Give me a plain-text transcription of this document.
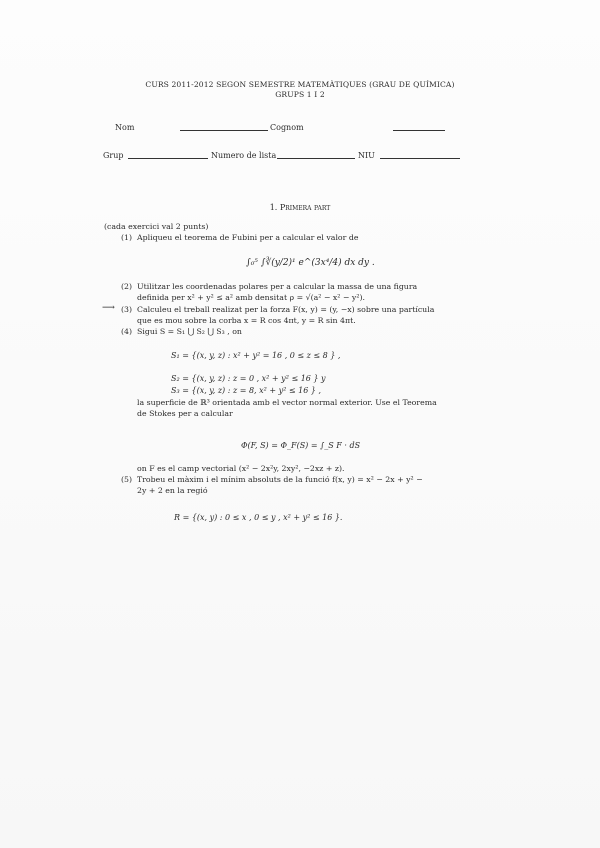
CURS 2011-2012 SEGON SEMESTRE MATEMÀTIQUES (GRAU DE QUÍMICA)
GRUPS 1 I 2
Nom	Cognom
Grup	Numero de lista	NIU
1. Primera part
(cada exercici val 2 punts)
(1) Apliqueu el teorema de Fubini per a calcular el valor de
∫₀⁵ ∫∛(y/2)¹ e^(3x⁴/4) dx dy .
(2) Utilitzar les coordenadas polares per a calcular la massa de una figura
definida per x² + y² ≤ a² amb densitat ρ = √(a² − x² − y²).
⟶ (3) Calculeu el treball realizat per la forza F(x, y) = (y, −x) sobre una partícula
que es mou sobre la corba x = R cos 4πt, y = R sin 4πt.
(4) Sigui S = S₁ ⋃ S₂ ⋃ S₃ , on
S₁ = {(x, y, z) : x² + y² = 16 , 0 ≤ z ≤ 8 } ,
S₂ = {(x, y, z) : z = 0 , x² + y² ≤ 16 } y
S₃ = {(x, y, z) : z = 8, x² + y² ≤ 16 } ,
la superficie de ℝ³ orientada amb el vector normal exterior. Use el Teorema
de Stokes per a calcular
Φ(F, S) = Φ_F(S) = ∫_S F · dS
on F es el camp vectorial (x² − 2x²y, 2xy², −2xz + z).
(5) Trobeu el màxim i el mínim absoluts de la funció f(x, y) = x² − 2x + y² −
2y + 2 en la regió
R = {(x, y) : 0 ≤ x , 0 ≤ y , x² + y² ≤ 16 }.
